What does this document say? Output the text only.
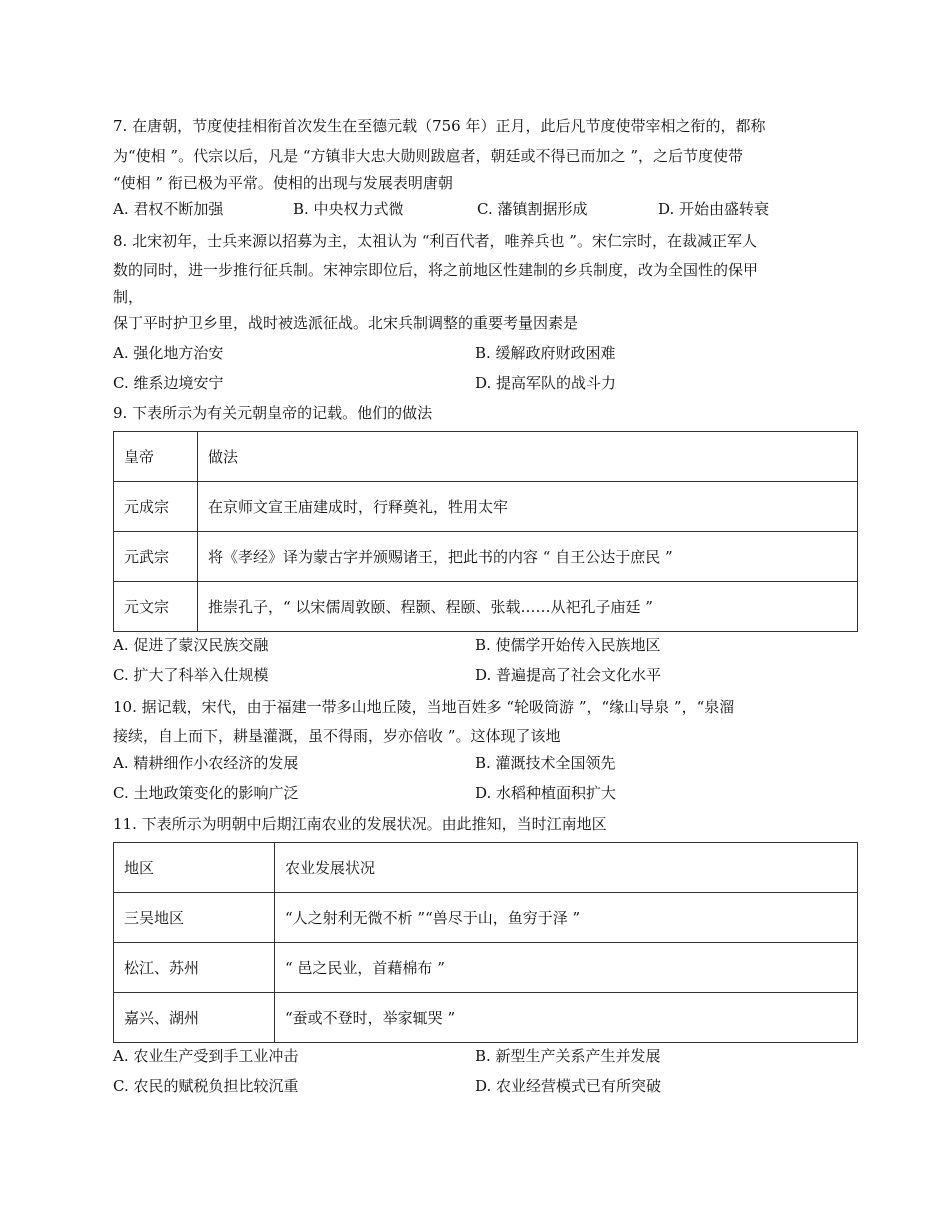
7. 在唐朝，节度使挂相衔首次发生在至德元载（756 年）正月，此后凡节度使带宰相之衔的，都称
为“使相 ”。代宗以后，凡是 “方镇非大忠大勋则跋扈者，朝廷或不得已而加之 ”，之后节度使带
“使相 ” 衔已极为平常。使相的出现与发展表明唐朝
A. 君权不断加强	B. 中央权力式微	C. 藩镇割据形成	D. 开始由盛转衰
8. 北宋初年，士兵来源以招募为主，太祖认为 “利百代者，唯养兵也 ”。宋仁宗时，在裁减正军人
数的同时，进一步推行征兵制。宋神宗即位后，将之前地区性建制的乡兵制度，改为全国性的保甲
制，
保丁平时护卫乡里，战时被选派征战。北宋兵制调整的重要考量因素是
A. 强化地方治安	B. 缓解政府财政困难
C. 维系边境安宁	D. 提高军队的战斗力
9. 下表所示为有关元朝皇帝的记载。他们的做法
皇帝	做法
元成宗	在京师文宣王庙建成时，行释奠礼，牲用太牢
元武宗	将《孝经》译为蒙古字并颁赐诸王，把此书的内容 “ 自王公达于庶民 ”
元文宗	推崇孔子，“ 以宋儒周敦颐、程颢、程颐、张载……从祀孔子庙廷 ”
A. 促进了蒙汉民族交融	B. 使儒学开始传入民族地区
C. 扩大了科举入仕规模	D. 普遍提高了社会文化水平
10. 据记载，宋代，由于福建一带多山地丘陵，当地百姓多 “轮吸筒游 ”，“缘山导泉 ”，“泉溜
接续，自上而下，耕垦灌溉，虽不得雨，岁亦倍收 ”。这体现了该地
A. 精耕细作小农经济的发展	B. 灌溉技术全国领先
C. 土地政策变化的影响广泛	D. 水稻种植面积扩大
11. 下表所示为明朝中后期江南农业的发展状况。由此推知，当时江南地区
地区	农业发展状况
三吴地区	“人之射利无微不析 ”“兽尽于山，鱼穷于泽 ”
松江、苏州	“ 邑之民业，首藉棉布 ”
嘉兴、湖州	“蚕或不登时，举家辄哭 ”
A. 农业生产受到手工业冲击	B. 新型生产关系产生并发展
C. 农民的赋税负担比较沉重	D. 农业经营模式已有所突破
